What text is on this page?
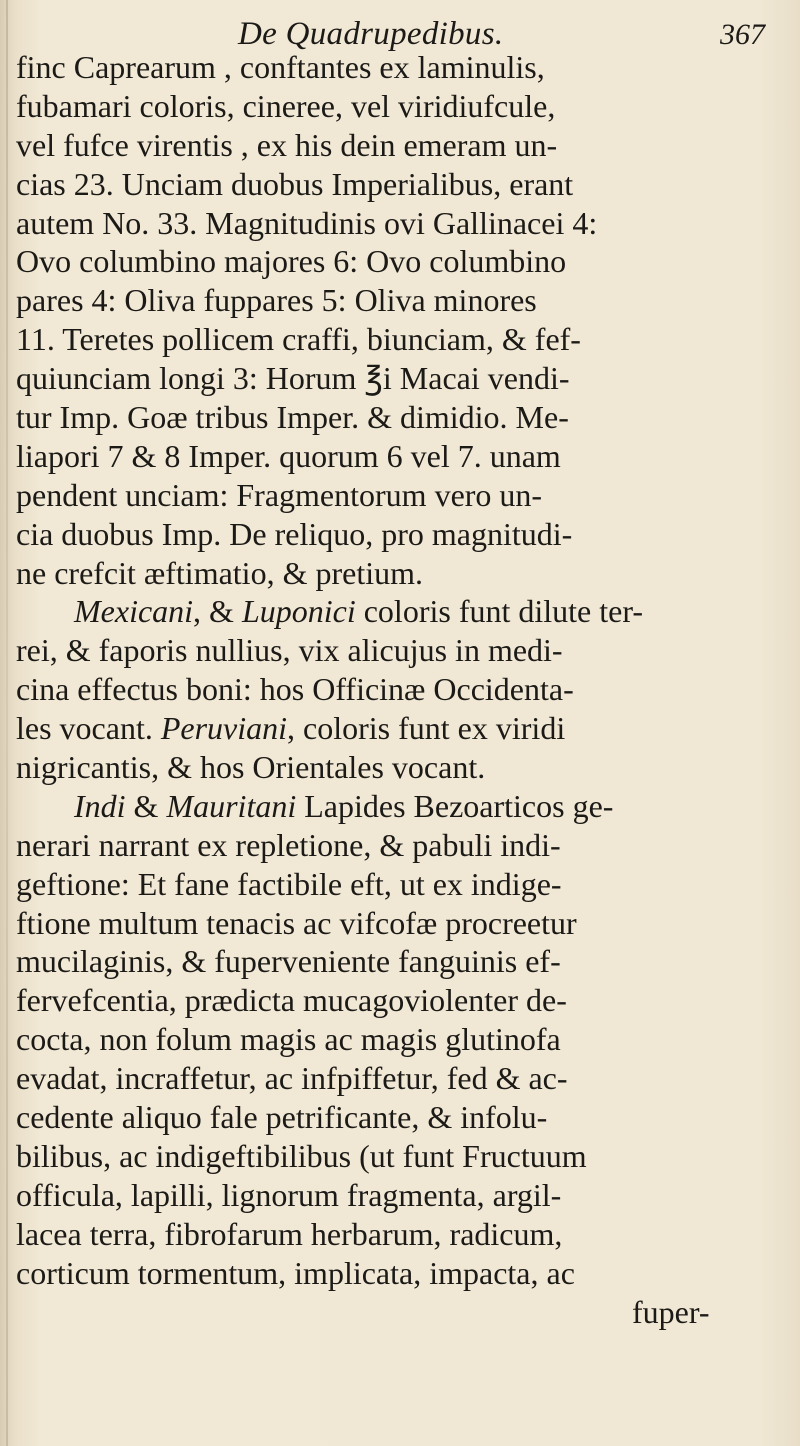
De Quadrupedibus.	367
finc Caprearum , conftantes ex laminulis,
fubamari coloris, cineree, vel viridiufcule,
vel fufce virentis , ex his dein emeram un-
cias 23. Unciam duobus Imperialibus, erant
autem No. 33. Magnitudinis ovi Gallinacei 4:
Ovo columbino majores 6: Ovo columbino
pares 4: Oliva fuppares 5: Oliva minores
11. Teretes pollicem craffi, biunciam, & fef-
quiunciam longi 3: Horum ℥i Macai vendi-
tur Imp. Goæ tribus Imper. & dimidio. Me-
liapori 7 & 8 Imper. quorum 6 vel 7. unam
pendent unciam: Fragmentorum vero un-
cia duobus Imp. De reliquo, pro magnitudi-
ne crefcit æftimatio, & pretium.
Mexicani, & Luponici coloris funt dilute ter-
rei, & faporis nullius, vix alicujus in medi-
cina effectus boni: hos Officinæ Occidenta-
les vocant. Peruviani, coloris funt ex viridi
nigricantis, & hos Orientales vocant.
Indi & Mauritani Lapides Bezoarticos ge-
nerari narrant ex repletione, & pabuli indi-
geftione: Et fane factibile eft, ut ex indige-
ftione multum tenacis ac vifcofæ procreetur
mucilaginis, & fuperveniente fanguinis ef-
fervefcentia, prædicta mucagoviolenter de-
cocta, non folum magis ac magis glutinofa
evadat, incraffetur, ac infpiffetur, fed & ac-
cedente aliquo fale petrificante, & infolu-
bilibus, ac indigeftibilibus (ut funt Fructuum
officula, lapilli, lignorum fragmenta, argil-
lacea terra, fibrofarum herbarum, radicum,
corticum tormentum, implicata, impacta, ac
fuper-
